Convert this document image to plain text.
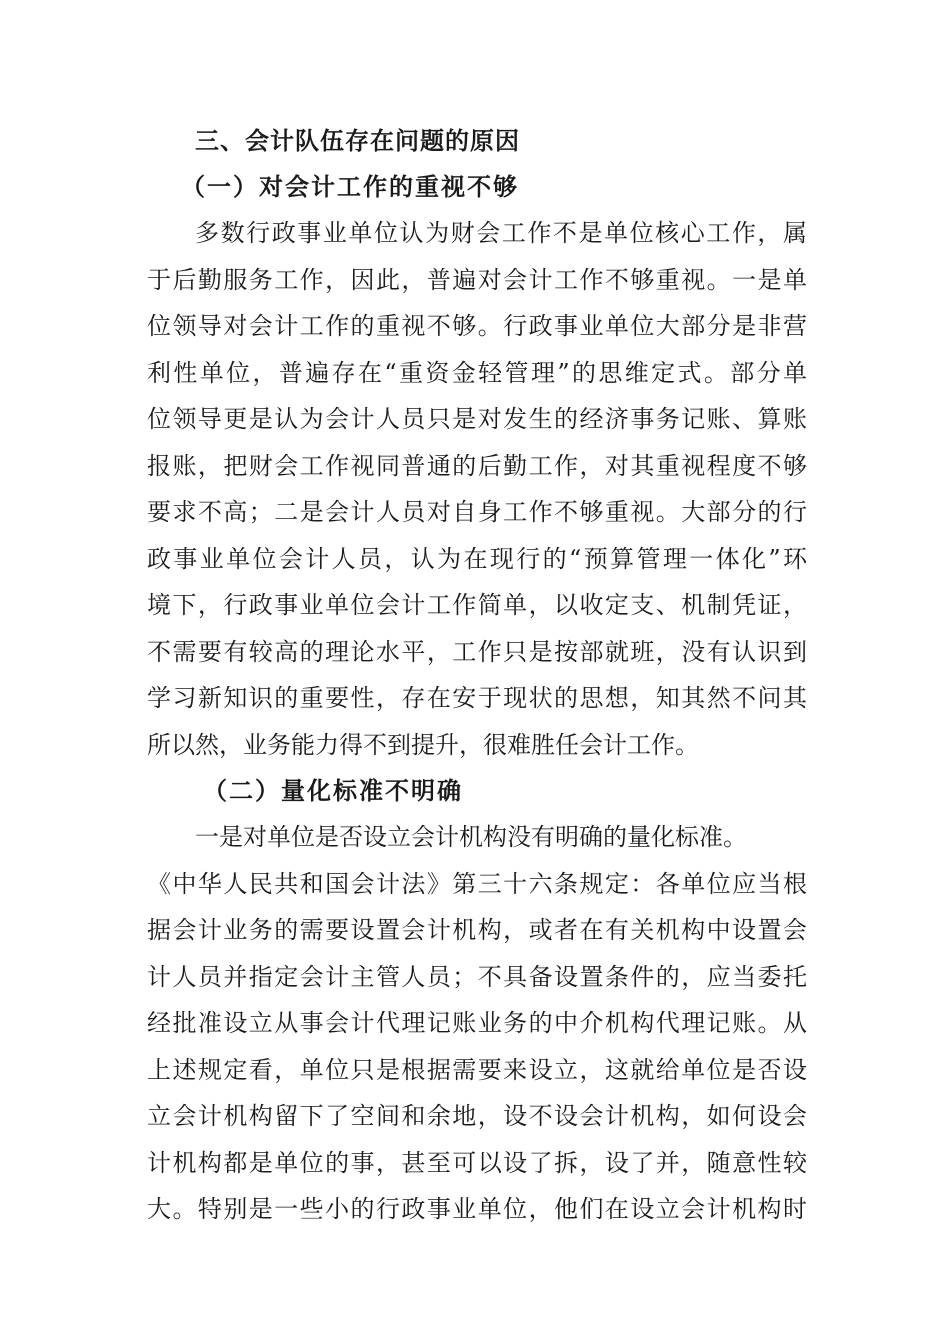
三、会计队伍存在问题的原因
（一）对会计工作的重视不够

多数行政事业单位认为财会工作不是单位核心工作，属
于后勤服务工作，因此，普遍对会计工作不够重视。一是单
位领导对会计工作的重视不够。行政事业单位大部分是非营
利性单位，普遍存在“重资金轻管理”的思维定式。部分单
位领导更是认为会计人员只是对发生的经济事务记账、算账
报账，把财会工作视同普通的后勤工作，对其重视程度不够
要求不高；二是会计人员对自身工作不够重视。大部分的行
政事业单位会计人员，认为在现行的“预算管理一体化”环
境下，行政事业单位会计工作简单，以收定支、机制凭证，
不需要有较高的理论水平，工作只是按部就班，没有认识到
学习新知识的重要性，存在安于现状的思想，知其然不问其
所以然，业务能力得不到提升，很难胜任会计工作。

（二）量化标准不明确

一是对单位是否设立会计机构没有明确的量化标准。
《中华人民共和国会计法》第三十六条规定：各单位应当根
据会计业务的需要设置会计机构，或者在有关机构中设置会
计人员并指定会计主管人员；不具备设置条件的，应当委托
经批准设立从事会计代理记账业务的中介机构代理记账。从
上述规定看，单位只是根据需要来设立，这就给单位是否设
立会计机构留下了空间和余地，设不设会计机构，如何设会
计机构都是单位的事，甚至可以设了拆，设了并，随意性较
大。特别是一些小的行政事业单位，他们在设立会计机构时
